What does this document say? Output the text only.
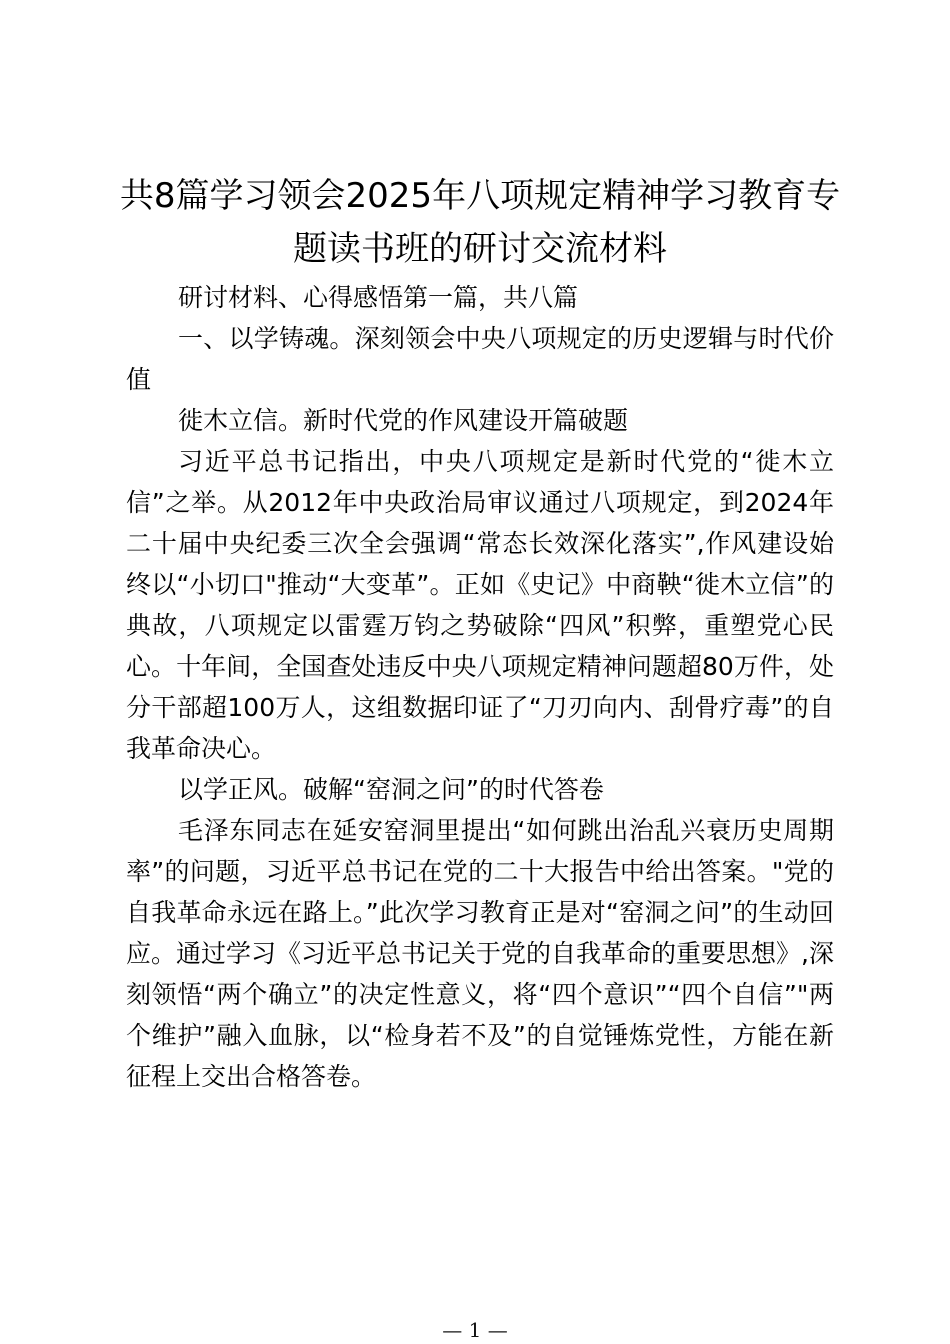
共8篇学习领会2025年八项规定精神学习教育专题读书班的研讨交流材料

研讨材料、心得感悟第一篇，共八篇

一、以学铸魂。深刻领会中央八项规定的历史逻辑与时代价值

徙木立信。新时代党的作风建设开篇破题

习近平总书记指出，中央八项规定是新时代党的“徙木立信”之举。从2012年中央政治局审议通过八项规定，到2024年二十届中央纪委三次全会强调“常态长效深化落实”,作风建设始终以“小切口"推动“大变革”。正如《史记》中商鞅“徙木立信”的典故，八项规定以雷霆万钧之势破除“四风”积弊，重塑党心民心。十年间，全国查处违反中央八项规定精神问题超80万件，处分干部超100万人，这组数据印证了“刀刃向内、刮骨疗毒”的自我革命决心。

以学正风。破解“窑洞之问”的时代答卷

毛泽东同志在延安窑洞里提出“如何跳出治乱兴衰历史周期率”的问题，习近平总书记在党的二十大报告中给出答案。"党的自我革命永远在路上。”此次学习教育正是对“窑洞之问”的生动回应。通过学习《习近平总书记关于党的自我革命的重要思想》,深刻领悟“两个确立”的决定性意义，将“四个意识”“四个自信”"两个维护”融入血脉，以“检身若不及”的自觉锤炼党性，方能在新征程上交出合格答卷。

— 1 —
